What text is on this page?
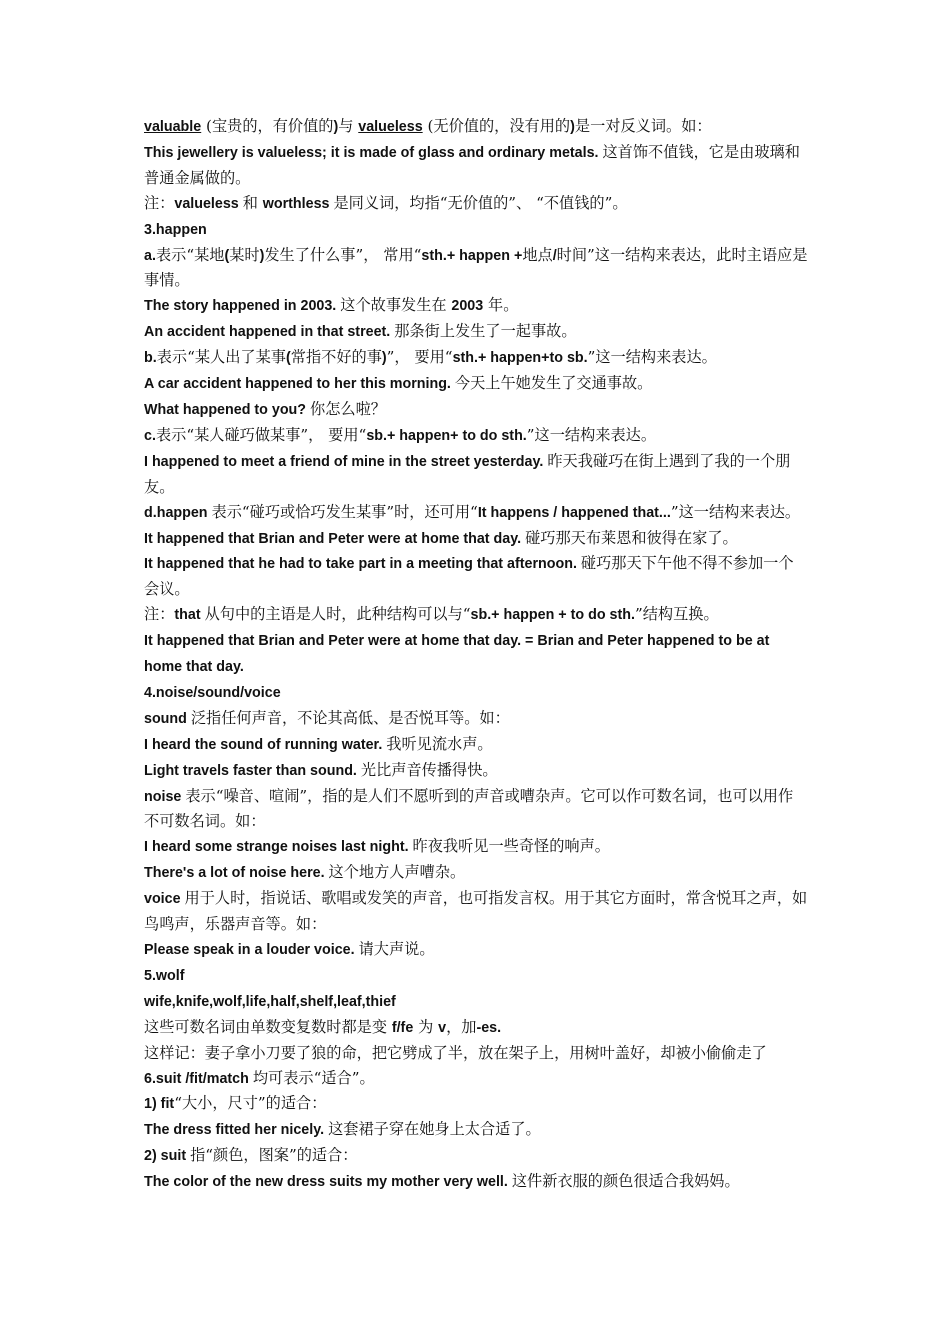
valuable (宝贵的，有价值的)与 valueless (无价值的，没有用的)是一对反义词。如：
This jewellery is valueless; it is made of glass and ordinary metals. 这首饰不值钱，它是由玻璃和普通金属做的。
注：valueless 和 worthless 是同义词，均指“无价值的”、 “不值钱的”。
3.happen
a.表示“某地(某时)发生了什么事”， 常用“sth.+ happen +地点/时间”这一结构来表达，此时主语应是事情。
The story happened in 2003. 这个故事发生在 2003 年。
An accident happened in that street. 那条街上发生了一起事故。
b.表示“某人出了某事(常指不好的事)”， 要用“sth.+ happen+to sb.”这一结构来表达。
A car accident happened to her this morning. 今天上午她发生了交通事故。
What happened to you? 你怎么啦？
c.表示“某人碰巧做某事”， 要用“sb.+ happen+ to do sth.”这一结构来表达。
I happened to meet a friend of mine in the street yesterday. 昨天我碰巧在街上遇到了我的一个朋友。
d.happen 表示“碰巧或恰巧发生某事”时，还可用“It happens / happened that...”这一结构来表达。
It happened that Brian and Peter were at home that day. 碰巧那天布莱恩和彼得在家了。
It happened that he had to take part in a meeting that afternoon. 碰巧那天下午他不得不参加一个会议。
注：that 从句中的主语是人时，此种结构可以与“sb.+ happen + to do sth.”结构互换。
It happened that Brian and Peter were at home that day. = Brian and Peter happened to be at home that day.
4.noise/sound/voice
sound 泛指任何声音，不论其高低、是否悦耳等。如：
I heard the sound of running water. 我听见流水声。
Light travels faster than sound. 光比声音传播得快。
noise 表示“噪音、喧闹”，指的是人们不愿听到的声音或嘈杂声。它可以作可数名词，也可以用作不可数名词。如：
I heard some strange noises last night. 昨夜我听见一些奇怪的响声。
There's a lot of noise here. 这个地方人声嘈杂。
voice 用于人时，指说话、歌唱或发笑的声音，也可指发言权。用于其它方面时，常含悦耳之声，如鸟鸣声，乐器声音等。如：
Please speak in a louder voice. 请大声说。
5.wolf
wife,knife,wolf,life,half,shelf,leaf,thief
这些可数名词由单数变复数时都是变 f/fe 为 v，加-es.
这样记：妻子拿小刀要了狼的命，把它劈成了半，放在架子上，用树叶盖好，却被小偷偷走了
6.suit /fit/match 均可表示“适合”。
1) fit“大小，尺寸”的适合：
The dress fitted her nicely. 这套裙子穿在她身上太合适了。
2) suit 指“颜色，图案”的适合：
The color of the new dress suits my mother very well. 这件新衣服的颜色很适合我妈妈。
